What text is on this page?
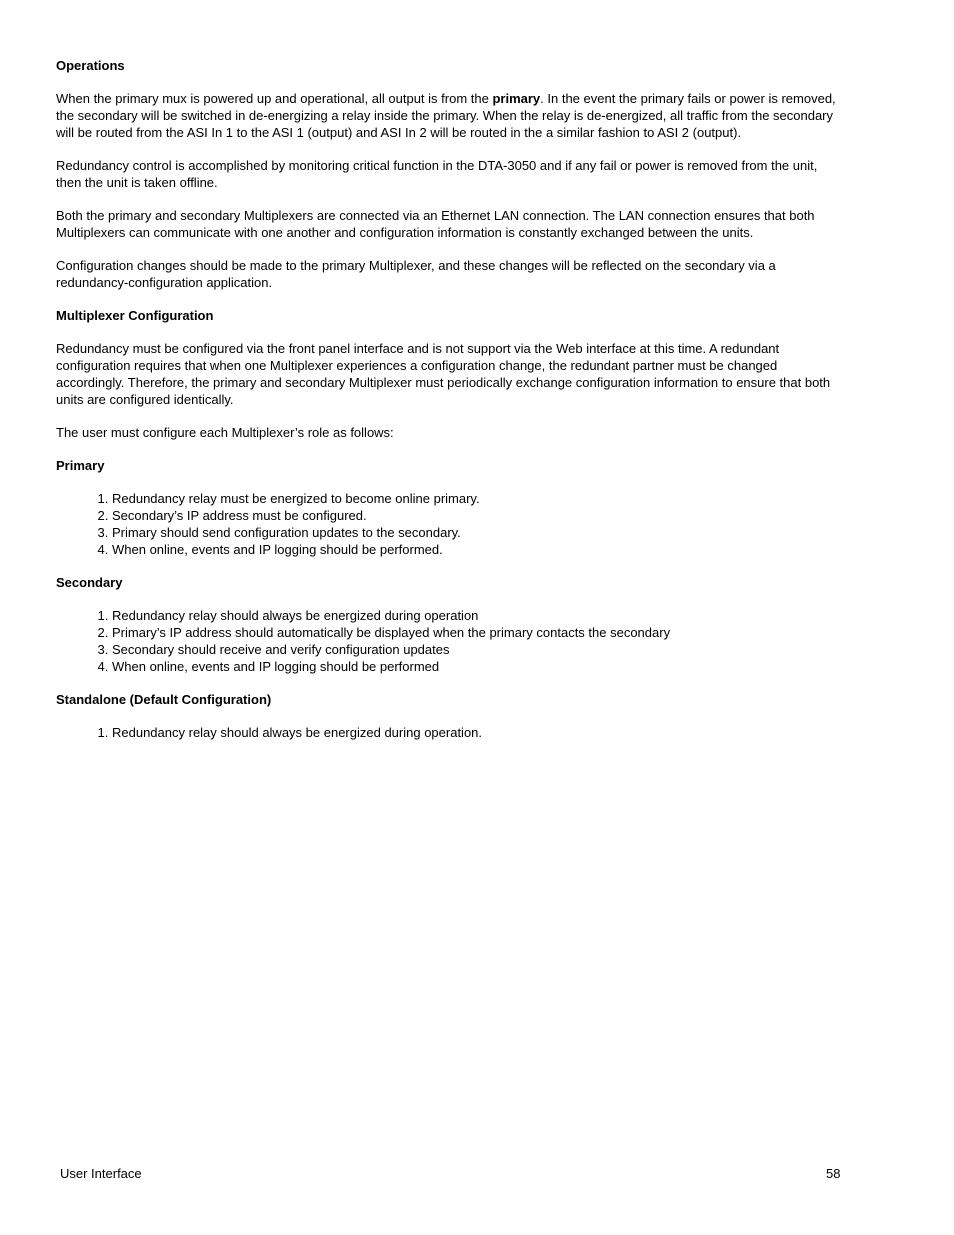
Operations

When the primary mux is powered up and operational, all output is from the primary. In the event the primary fails or power is removed, the secondary will be switched in de-energizing a relay inside the primary. When the relay is de-energized, all traffic from the secondary will be routed from the ASI In 1 to the ASI 1 (output) and ASI In 2 will be routed in the a similar fashion to ASI 2 (output).

Redundancy control is accomplished by monitoring critical function in the DTA-3050 and if any fail or power is removed from the unit, then the unit is taken offline.

Both the primary and secondary Multiplexers are connected via an Ethernet LAN connection. The LAN connection ensures that both Multiplexers can communicate with one another and configuration information is constantly exchanged between the units.

Configuration changes should be made to the primary Multiplexer, and these changes will be reflected on the secondary via a redundancy-configuration application.

Multiplexer Configuration

Redundancy must be configured via the front panel interface and is not support via the Web interface at this time. A redundant configuration requires that when one Multiplexer experiences a configuration change, the redundant partner must be changed accordingly. Therefore, the primary and secondary Multiplexer must periodically exchange configuration information to ensure that both units are configured identically.

The user must configure each Multiplexer’s role as follows:

Primary
1. Redundancy relay must be energized to become online primary.
2. Secondary’s IP address must be configured.
3. Primary should send configuration updates to the secondary.
4. When online, events and IP logging should be performed.
Secondary
1. Redundancy relay should always be energized during operation
2. Primary’s IP address should automatically be displayed when the primary contacts the secondary
3. Secondary should receive and verify configuration updates
4. When online, events and IP logging should be performed
Standalone (Default Configuration)
1. Redundancy relay should always be energized during operation.
User Interface	58
